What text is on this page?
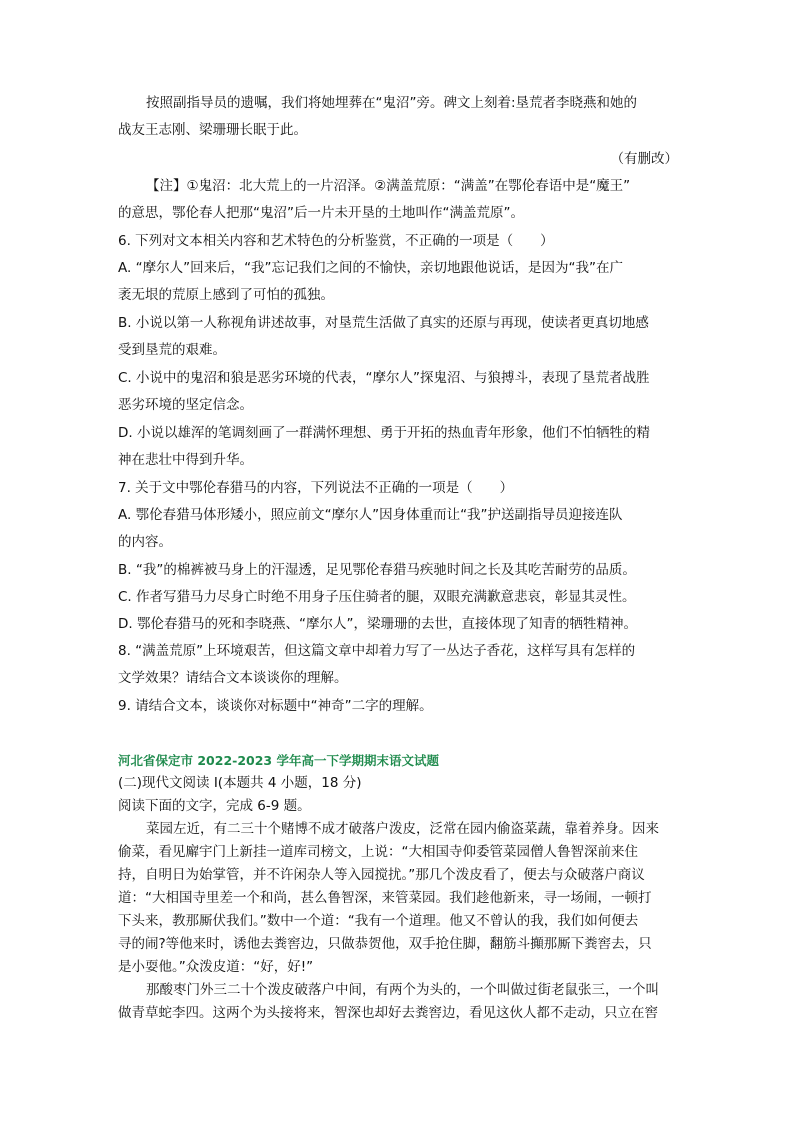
按照副指导员的遗嘱，我们将她埋葬在“鬼沼”旁。碑文上刻着:垦荒者李晓燕和她的
战友王志刚、梁珊珊长眠于此。

（有删改）

【注】①鬼沼：北大荒上的一片沼泽。②满盖荒原：“满盖”在鄂伦春语中是“魔王”
的意思，鄂伦春人把那“鬼沼”后一片未开垦的土地叫作“满盖荒原”。

6. 下列对文本相关内容和艺术特色的分析鉴赏，不正确的一项是（　　）

A. “摩尔人”回来后，“我”忘记我们之间的不愉快，亲切地跟他说话，是因为“我”在广
袤无垠的荒原上感到了可怕的孤独。

B. 小说以第一人称视角讲述故事，对垦荒生活做了真实的还原与再现，使读者更真切地感
受到垦荒的艰难。

C. 小说中的鬼沼和狼是恶劣环境的代表，“摩尔人”探鬼沼、与狼搏斗，表现了垦荒者战胜
恶劣环境的坚定信念。

D. 小说以雄浑的笔调刻画了一群满怀理想、勇于开拓的热血青年形象，他们不怕牺牲的精
神在悲壮中得到升华。

7. 关于文中鄂伦春猎马的内容，下列说法不正确的一项是（　　）

A. 鄂伦春猎马体形矮小，照应前文“摩尔人”因身体重而让“我”护送副指导员迎接连队
的内容。

B. “我”的棉裤被马身上的汗湿透，足见鄂伦春猎马疾驰时间之长及其吃苦耐劳的品质。

C. 作者写猎马力尽身亡时绝不用身子压住骑者的腿，双眼充满歉意悲哀，彰显其灵性。

D. 鄂伦春猎马的死和李晓燕、“摩尔人”，梁珊珊的去世，直接体现了知青的牺牲精神。

8. “满盖荒原”上环境艰苦，但这篇文章中却着力写了一丛达子香花，这样写具有怎样的
文学效果？请结合文本谈谈你的理解。

9. 请结合文本，谈谈你对标题中“神奇”二字的理解。

河北省保定市 2022-2023 学年高一下学期期末语文试题

(二)现代文阅读 I(本题共 4 小题，18 分)

阅读下面的文字，完成 6-9 题。

菜园左近，有二三十个赌博不成才破落户泼皮，泛常在园内偷盗菜蔬，靠着养身。因来
偷菜，看见廨宇门上新挂一道库司榜文，上说：“大相国寺仰委管菜园僧人鲁智深前来住
持，自明日为始掌管，并不许闲杂人等入园搅扰。”那几个泼皮看了，便去与众破落户商议
道：“大相国寺里差一个和尚，甚么鲁智深，来管菜园。我们趁他新来，寻一场闹，一顿打
下头来，教那厮伏我们。”数中一个道：“我有一个道理。他又不曾认的我，我们如何便去
寻的闹?等他来时，诱他去粪窖边，只做恭贺他，双手抢住脚，翻筋斗攧那厮下粪窖去，只
是小耍他。”众泼皮道：“好，好!”

那酸枣门外三二十个泼皮破落户中间，有两个为头的，一个叫做过街老鼠张三，一个叫
做青草蛇李四。这两个为头接将来，智深也却好去粪窖边，看见这伙人都不走动，只立在窖
